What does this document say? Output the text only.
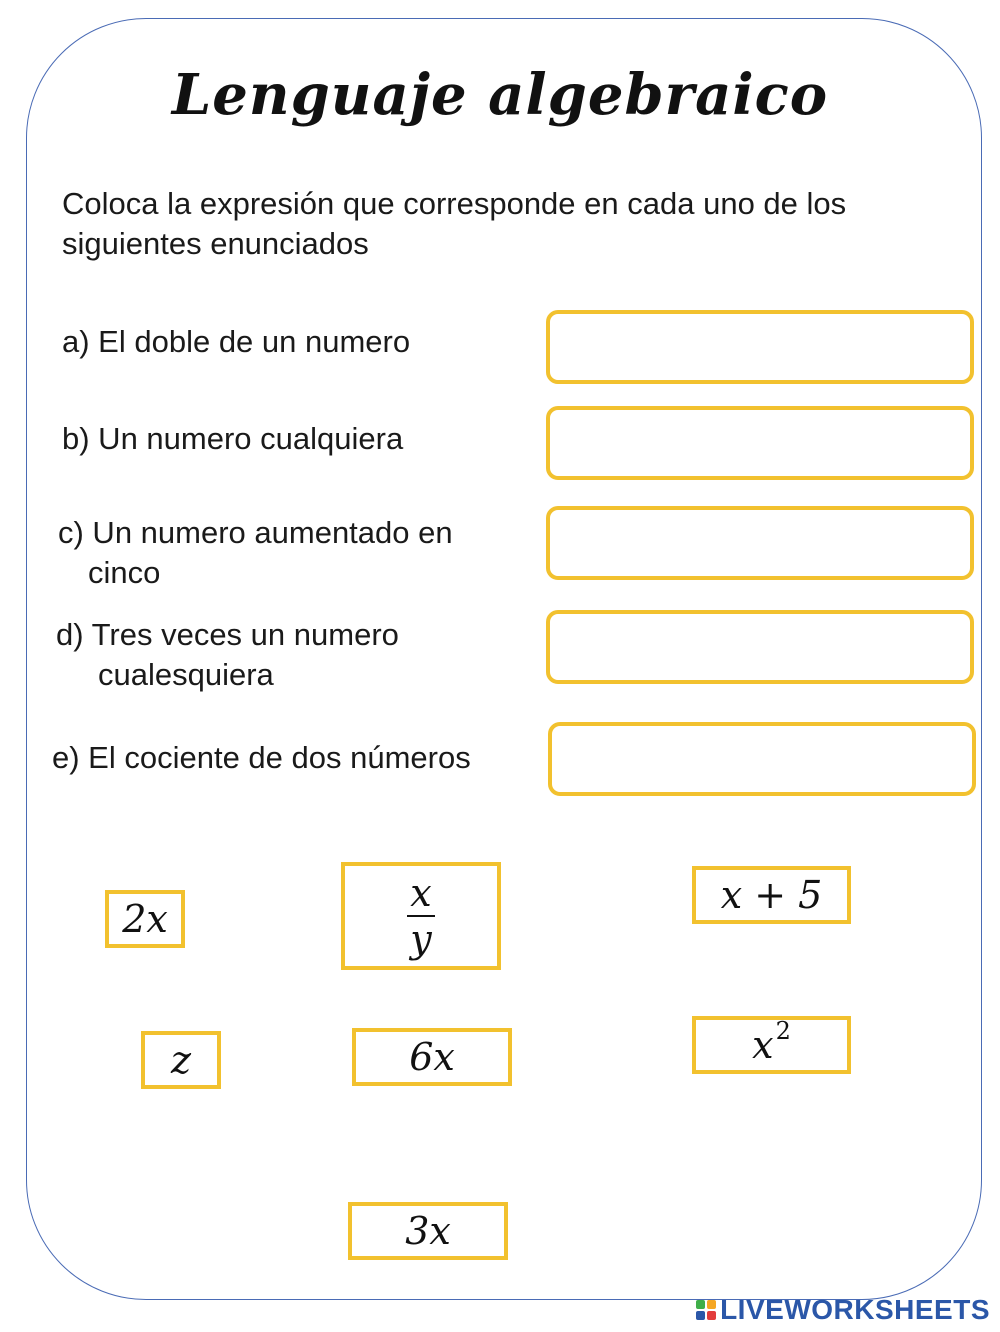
Lenguaje algebraico
Coloca la expresión que corresponde en cada uno de los siguientes enunciados
a) El doble de un numero
b) Un numero cualquiera
c) Un numero aumentado en
cinco
d) Tres veces un numero
cualesquiera
e) El cociente de dos números
2x	$\frac{x}{y}$	x + 5
z	6x	x 2
3x
LIVEWORKSHEETS
